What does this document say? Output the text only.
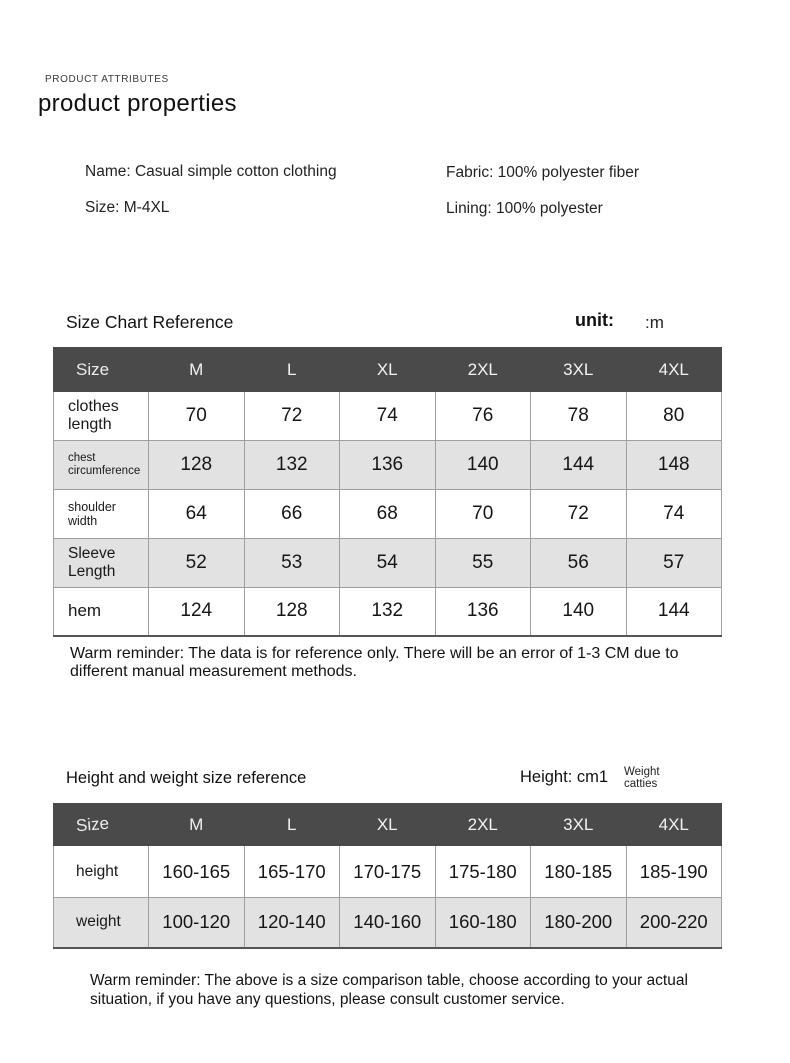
PRODUCT ATTRIBUTES
product properties
Name: Casual simple cotton clothing	Fabric: 100% polyester fiber
Size: M-4XL	Lining: 100% polyester
Size Chart Reference	unit: :m
Size	M	L	XL	2XL	3XL	4XL
clothes length	70	72	74	76	78	80
chest circumference	128	132	136	140	144	148
shoulder width	64	66	68	70	72	74
Sleeve Length	52	53	54	55	56	57
hem	124	128	132	136	140	144
Warm reminder: The data is for reference only. There will be an error of 1-3 CM due to different manual measurement methods.
Height and weight size reference	Height: cm1 Weight
catties
Size	M	L	XL	2XL	3XL	4XL
height	160-165	165-170	170-175	175-180	180-185	185-190
weight	100-120	120-140	140-160	160-180	180-200	200-220
Warm reminder: The above is a size comparison table, choose according to your actual situation, if you have any questions, please consult customer service.
